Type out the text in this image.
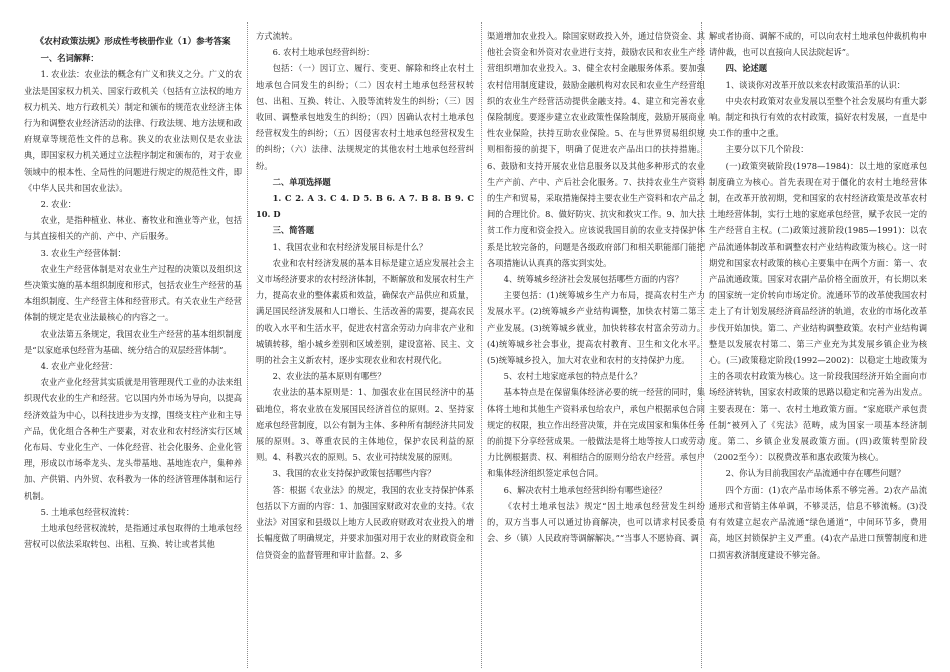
《农村政策法规》形成性考核册作业（1）参考答案

一、名词解释：

1. 农业法：农业法的概念有广义和狭义之分。广义的农业法是国家权力机关、国家行政机关（包括有立法权的地方权力机关、地方行政机关）制定和颁布的规范农业经济主体行为和调整农业经济活动的法律、行政法规、地方法规和政府规章等规范性文件的总称。狭义的农业法则仅是农业法典，即国家权力机关通过立法程序制定和颁布的，对于农业领域中的根本性、全局性的问题进行规定的规范性文件，即《中华人民共和国农业法》。

2. 农业：

农业，是指种植业、林业、畜牧业和渔业等产业，包括与其直接相关的产前、产中、产后服务。

3. 农业生产经营体制：

农业生产经营体制是对农业生产过程的决策以及组织这些决策实施的基本组织制度和形式，包括农业生产经营的基本组织制度、生产经营主体和经营形式。有关农业生产经营体制的规定是农业法最核心的内容之一。

农业法第五条规定，我国农业生产经营的基本组织制度是“以家庭承包经营为基础、统分结合的双层经营体制”。

4. 农业产业化经营：

农业产业化经营其实质就是用管理现代工业的办法来组织现代农业的生产和经营。它以国内外市场为导向，以提高经济效益为中心，以科技进步为支撑，围绕支柱产业和主导产品，优化组合各种生产要素，对农业和农村经济实行区域化布局、专业化生产、一体化经营、社会化服务、企业化管理，形成以市场牵龙头、龙头带基地、基地连农户，集种养加、产供销、内外贸、农科教为一体的经济管理体制和运行机制。

5. 土地承包经营权流转：

土地承包经营权流转，是指通过承包取得的土地承包经营权可以依法采取转包、出租、互换、转让或者其他

方式流转。

6. 农村土地承包经营纠纷：

包括：（一）因订立、履行、变更、解除和终止农村土地承包合同发生的纠纷；（二）因农村土地承包经营权转包、出租、互换、转让、入股等流转发生的纠纷；（三）因收回、调整承包地发生的纠纷；（四）因确认农村土地承包经营权发生的纠纷；（五）因侵害农村土地承包经营权发生的纠纷；（六）法律、法规规定的其他农村土地承包经营纠纷。

二、单项选择题

1. C 2. A 3. C 4. D 5. B 6. A 7. B 8. B 9. C 10. D

三、简答题

1、我国农业和农村经济发展目标是什么？

农业和农村经济发展的基本目标是建立适应发展社会主义市场经济要求的农村经济体制，不断解放和发展农村生产力，提高农业的整体素质和效益，确保农产品供应和质量，满足国民经济发展和人口增长、生活改善的需要，提高农民的收入水平和生活水平，促进农村富余劳动力向非农产业和城镇转移，缩小城乡差别和区域差别，建设富裕、民主、文明的社会主义新农村，逐步实现农业和农村现代化。

2、农业法的基本原则有哪些？

农业法的基本原则是：1、加强农业在国民经济中的基础地位，将农业放在发展国民经济首位的原则。2、坚持家庭承包经营制度，以公有制为主体、多种所有制经济共同发展的原则。3、尊重农民的主体地位，保护农民利益的原则。4、科教兴农的原则。5、农业可持续发展的原则。

3、我国的农业支持保护政策包括哪些内容？

答：根据《农业法》的规定，我国的农业支持保护体系包括以下方面的内容：1、加强国家财政对农业的支持。《农业法》对国家和县级以上地方人民政府财政对农业投入的增长幅度做了明确规定，并要求加强对用于农业的财政资金和信贷资金的监督管理和审计监督。2、多

渠道增加农业投入。除国家财政投入外，通过信贷资金、其他社会资金和外资对农业进行支持，鼓励农民和农业生产经营组织增加农业投入。3、健全农村金融服务体系。要加强农村信用制度建设，鼓励金融机构对农民和农业生产经营组织的农业生产经营活动提供金融支持。4、建立和完善农业保险制度。要逐步建立农业政策性保险制度，鼓励开展商业性农业保险，扶持互助农业保险。5、在与世界贸易组织规则相衔接的前提下，明确了促进农产品出口的扶持措施。6、鼓励和支持开展农业信息服务以及其他多种形式的农业生产产前、产中、产后社会化服务。7、扶持农业生产资料的生产和贸易，采取措施保持主要农业生产资料和农产品之间的合理比价。8、做好防灾、抗灾和救灾工作。9、加大扶贫工作力度和资金投入。应该说我国目前的农业支持保护体系是比较完备的，问题是各级政府部门和相关职能部门能把各项措施认认真真的落实到实处。

4、统筹城乡经济社会发展包括哪些方面的内容？

主要包括：(1)统筹城乡生产力布局，提高农村生产力发展水平。(2)统筹城乡产业结构调整，加快农村第二第三产业发展。(3)统筹城乡就业，加快转移农村富余劳动力。(4)统筹城乡社会事业，提高农村教育、卫生和文化水平。(5)统筹城乡投入，加大对农业和农村的支持保护力度。

5、农村土地家庭承包的特点是什么？

基本特点是在保留集体经济必要的统一经营的同时，集体将土地和其他生产资料承包给农户，承包户根据承包合同规定的权限，独立作出经营决策，并在完成国家和集体任务的前提下分享经营成果。一般做法是将土地等按人口或劳动力比例根据责、权、利相结合的原则分给农户经营。承包户和集体经济组织签定承包合同。

6、解决农村土地承包经营纠纷有哪些途径？

《农村土地承包法》规定“因土地承包经营发生纠纷的，双方当事人可以通过协商解决，也可以请求村民委员会、乡（镇）人民政府等调解解决。”“当事人不愿协商、调

解或者协商、调解不成的，可以向农村土地承包仲裁机构申请仲裁，也可以直接向人民法院起诉”。

四、论述题

1、谈谈你对改革开放以来农村政策沿革的认识：

中央农村政策对农业发展以至整个社会发展均有重大影响。制定和执行有效的农村政策，搞好农村发展，一直是中央工作的重中之重。

主要分以下几个阶段：

(一)政策突破阶段(1978—1984)：以土地的家庭承包制度确立为核心。首先表现在对于僵化的农村土地经营体制，在改革开放初期，党和国家的农村经济政策是改革农村土地经营体制，实行土地的家庭承包经营，赋予农民一定的生产经营自主权。(二)政策过渡阶段(1985—1991)：以农产品流通体制改革和调整农村产业结构政策为核心。这一时期党和国家农村政策的核心主要集中在两个方面：第一、农产品流通政策。国家对农副产品价格全面放开，有长期以来的国家统一定价转向市场定价。流通环节的改革使我国农村走上了有计划发展经济商品经济的轨道，农业的市场化改革步伐开始加快。第二、产业结构调整政策。农村产业结构调整是以发展农村第二、第三产业充为其发展乡镇企业为核心。(三)政策稳定阶段(1992—2002)：以稳定土地政策为主的各项农村政策为核心。这一阶段我国经济开始全面向市场经济转轨，国家农村政策的思路以稳定和完善为出发点。主要表现在：第一、农村土地政策方面。“家庭联产承包责任制”被列入了《宪法》范畴，成为国家一项基本经济制度。第二、乡镇企业发展政策方面。(四)政策转型阶段（2002至今）：以税费改革和惠农政策为核心。

2、你认为目前我国农产品流通中存在哪些问题？

四个方面：(1)农产品市场体系不够完善。2)农产品流通形式和营销主体单调，不够灵活，信息不够流畅。(3)没有有效建立起农产品流通“绿色通道”，中间环节多，费用高，地区封锁保护主义严重。(4)农产品进口预警制度和进口损害救济制度建设不够完备。
